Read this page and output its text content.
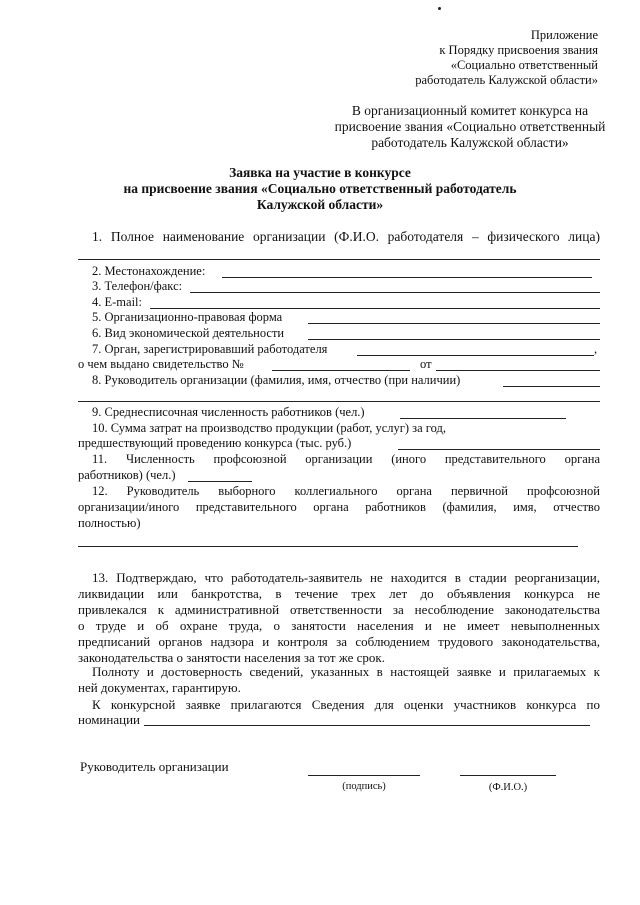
Приложение
к Порядку присвоения звания
«Социально ответственный
работодатель Калужской области»
В организационный комитет конкурса на
присвоение звания «Социально ответственный
работодатель Калужской области»
Заявка на участие в конкурсе
на присвоение звания «Социально ответственный работодатель
Калужской области»
1. Полное наименование организации (Ф.И.О. работодателя – физического лица)
2. Местонахождение:
3. Телефон/факс:
4. E-mail:
5. Организационно-правовая форма
6. Вид экономической деятельности
7. Орган, зарегистрировавший работодателя	,
о чем выдано свидетельство №	от
8. Руководитель организации (фамилия, имя, отчество (при наличии)
9. Среднесписочная численность работников (чел.)
10. Сумма затрат на производство продукции (работ, услуг) за год,
предшествующий проведению конкурса (тыс. руб.)
11. Численность профсоюзной организации (иного представительного органа
работников) (чел.)
12. Руководитель выборного коллегиального органа первичной профсоюзной
организации/иного представительного органа работников (фамилия, имя, отчество
полностью)
13. Подтверждаю, что работодатель-заявитель не находится в стадии реорганизации,
ликвидации или банкротства, в течение трех лет до объявления конкурса не
привлекался к административной ответственности за несоблюдение законодательства
о труде и об охране труда, о занятости населения и не имеет невыполненных
предписаний органов надзора и контроля за соблюдением трудового законодательства,
законодательства о занятости населения за тот же срок.
Полноту и достоверность сведений, указанных в настоящей заявке и прилагаемых к
ней документах, гарантирую.
К конкурсной заявке прилагаются Сведения для оценки участников конкурса по
номинации
Руководитель организации
(подпись)	(Ф.И.О.)
